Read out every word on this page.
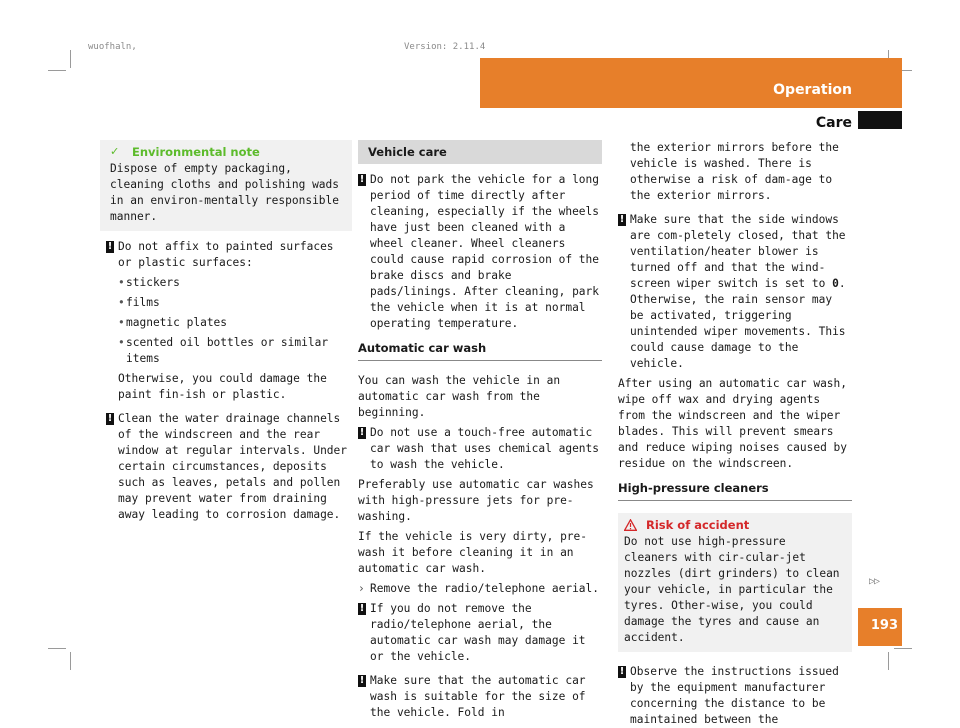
wuofhaln,	Version: 2.11.4
Operation
Care
193
▷▷
✓ Environmental note

Dispose of empty packaging, cleaning cloths and polishing wads in an environ-mentally responsible manner.

! Do not affix to painted surfaces or plastic surfaces:

• stickers
• films
• magnetic plates
• scented oil bottles or similar items

Otherwise, you could damage the paint fin-ish or plastic.

! Clean the water drainage channels of the windscreen and the rear window at regular intervals. Under certain circumstances, deposits such as leaves, petals and pollen may prevent water from draining away leading to corrosion damage.

Vehicle care
! Do not park the vehicle for a long period of time directly after cleaning, especially if the wheels have just been cleaned with a wheel cleaner. Wheel cleaners could cause rapid corrosion of the brake discs and brake pads/linings. After cleaning, park the vehicle when it is at normal operating temperature.

Automatic car wash

You can wash the vehicle in an automatic car wash from the beginning.

! Do not use a touch-free automatic car wash that uses chemical agents to wash the vehicle.

Preferably use automatic car washes with high-pressure jets for pre-washing.

If the vehicle is very dirty, pre-wash it before cleaning it in an automatic car wash.

› Remove the radio/telephone aerial.

! If you do not remove the radio/telephone aerial, the automatic car wash may damage it or the vehicle.

! Make sure that the automatic car wash is suitable for the size of the vehicle. Fold in

the exterior mirrors before the vehicle is washed. There is otherwise a risk of dam-age to the exterior mirrors.

! Make sure that the side windows are com-pletely closed, that the ventilation/heater blower is turned off and that the wind-screen wiper switch is set to 0. Otherwise, the rain sensor may be activated, triggering unintended wiper movements. This could cause damage to the vehicle.

After using an automatic car wash, wipe off wax and drying agents from the windscreen and the wiper blades. This will prevent smears and reduce wiping noises caused by residue on the windscreen.

High-pressure cleaners
Risk of accident

Do not use high-pressure cleaners with cir-cular-jet nozzles (dirt grinders) to clean your vehicle, in particular the tyres. Other-wise, you could damage the tyres and cause an accident.

! Observe the instructions issued by the equipment manufacturer concerning the distance to be maintained between the
